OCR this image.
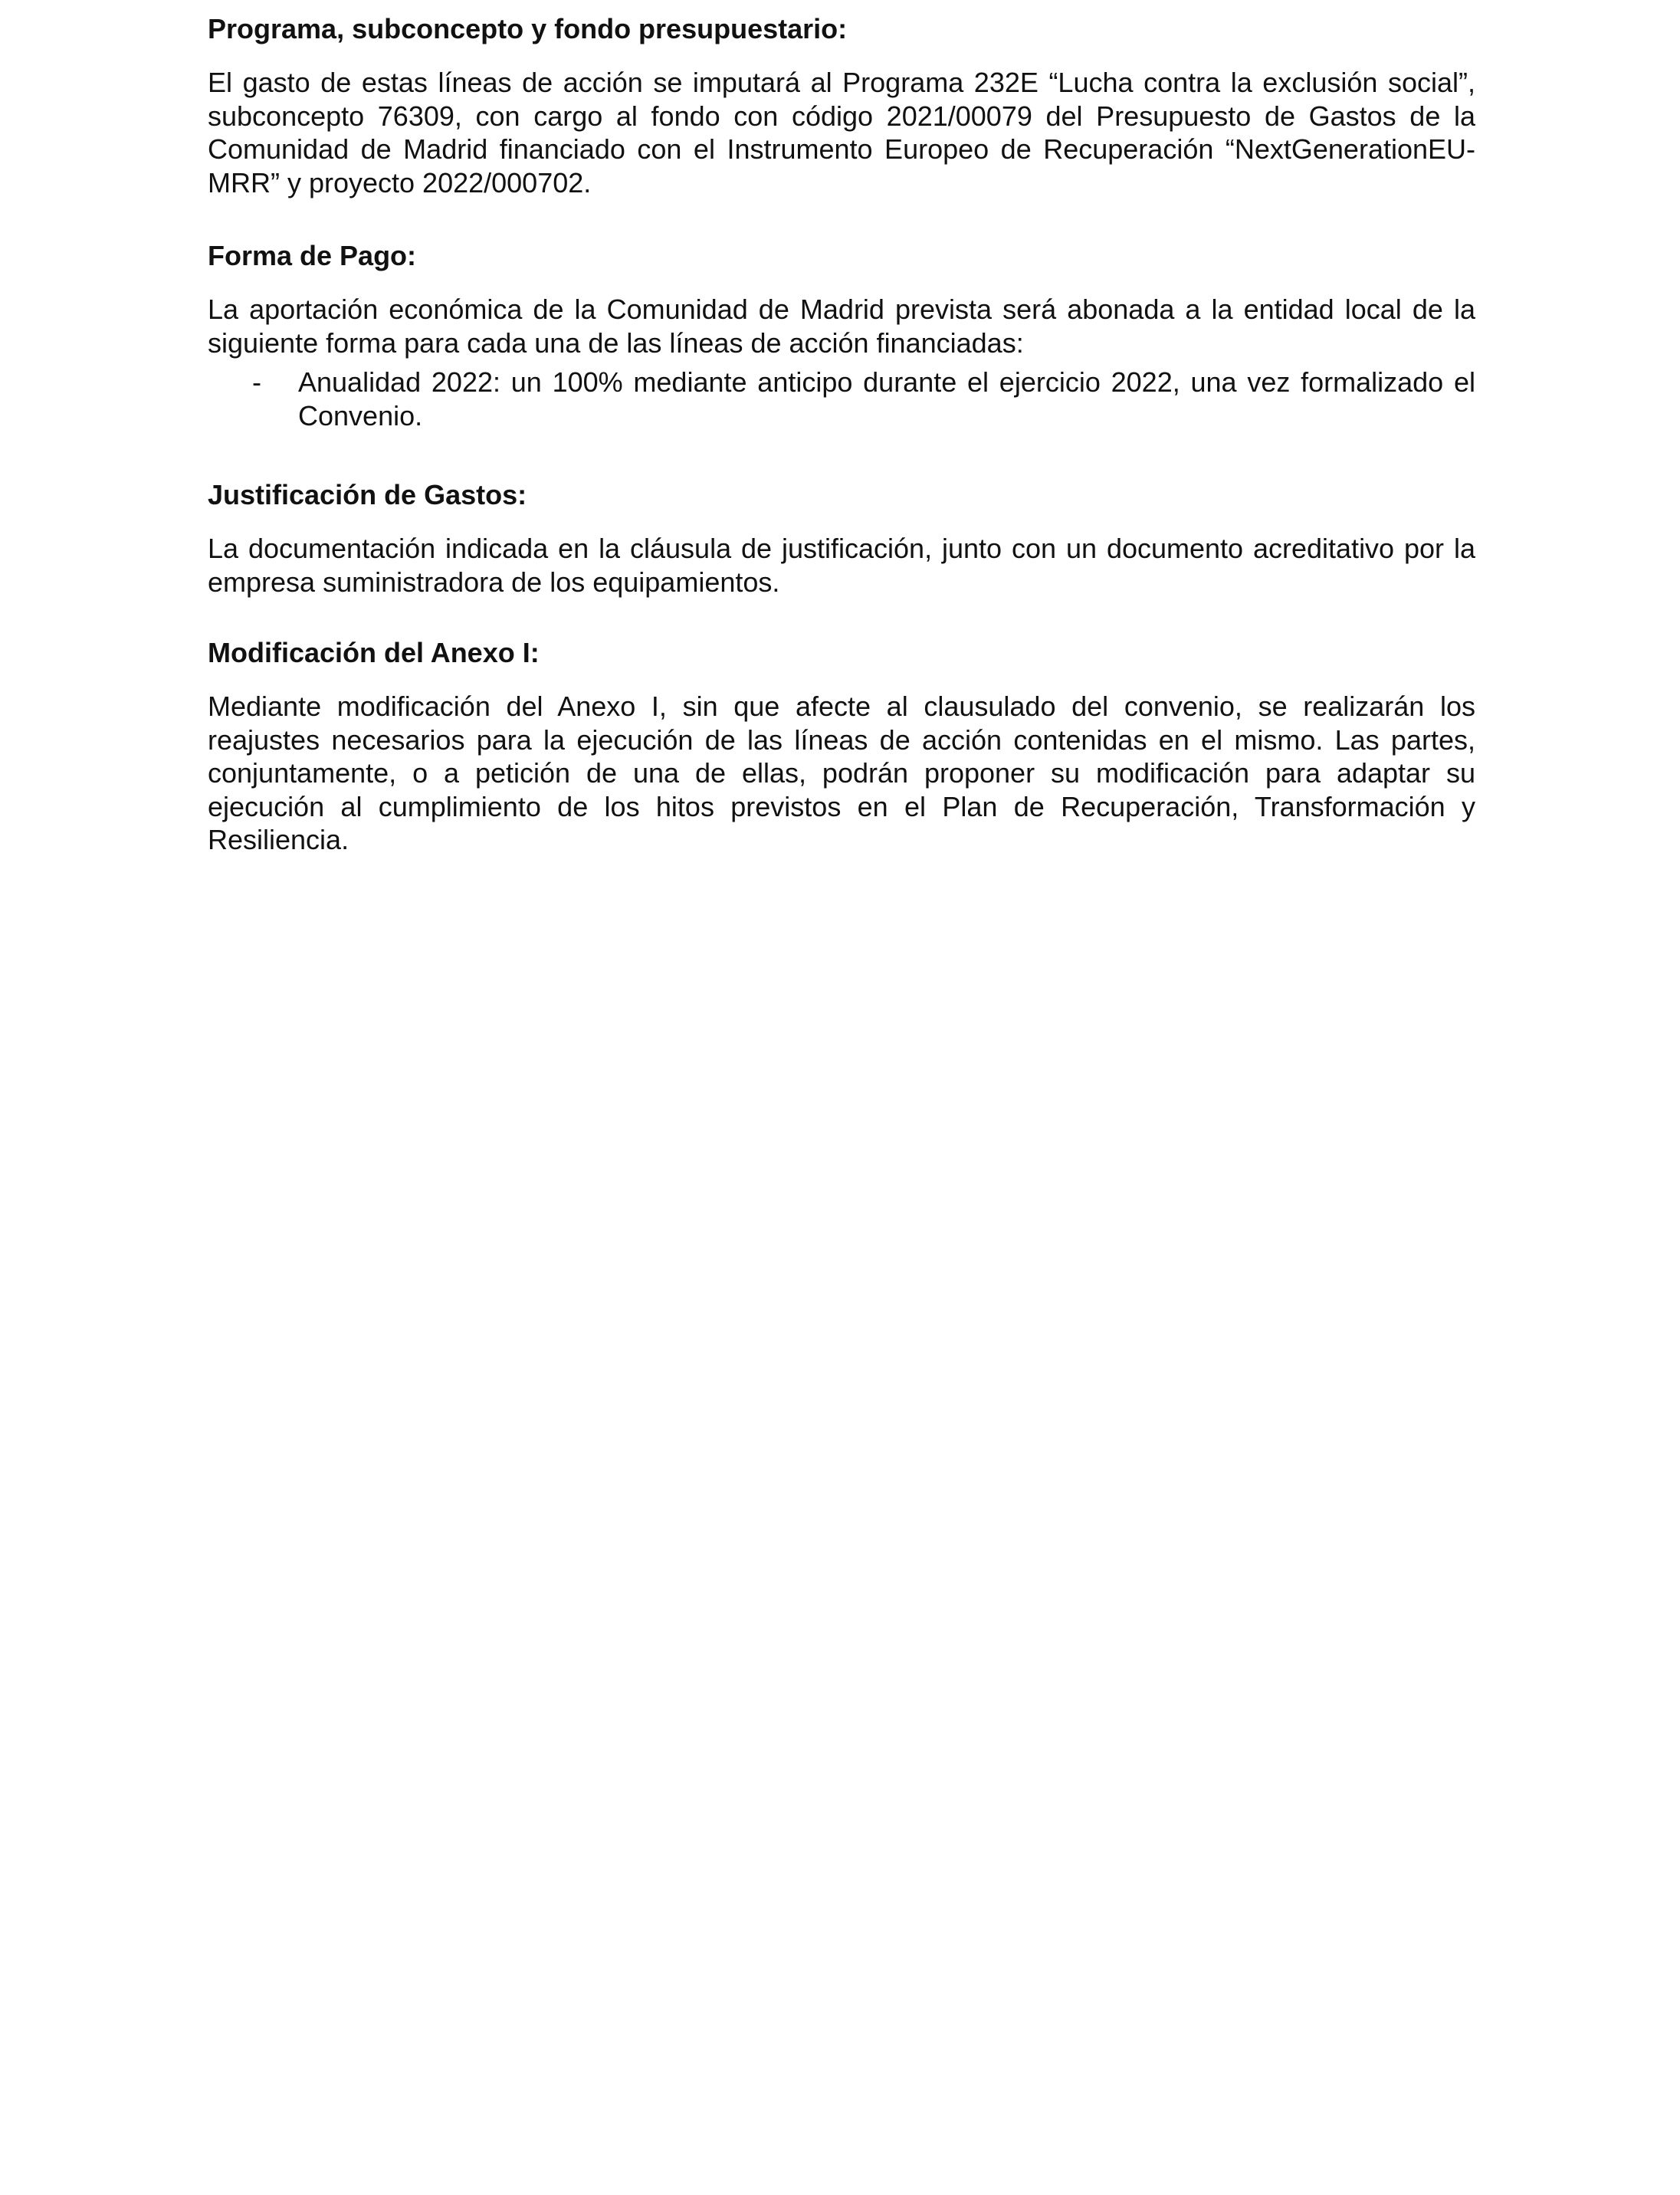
Programa, subconcepto y fondo presupuestario:

El gasto de estas líneas de acción se imputará al Programa 232E “Lucha contra la exclusión social”, subconcepto 76309, con cargo al fondo con código 2021/00079 del Presupuesto de Gastos de la Comunidad de Madrid financiado con el Instrumento Europeo de Recuperación “NextGenerationEU-MRR” y proyecto 2022/000702.

Forma de Pago:

La aportación económica de la Comunidad de Madrid prevista será abonada a la entidad local de la siguiente forma para cada una de las líneas de acción financiadas:

-	Anualidad 2022: un 100% mediante anticipo durante el ejercicio 2022, una vez formalizado el Convenio.

Justificación de Gastos:

La documentación indicada en la cláusula de justificación, junto con un documento acreditativo por la empresa suministradora de los equipamientos.

Modificación del Anexo I:

Mediante modificación del Anexo I, sin que afecte al clausulado del convenio, se realizarán los reajustes necesarios para la ejecución de las líneas de acción contenidas en el mismo. Las partes, conjuntamente, o a petición de una de ellas, podrán proponer su modificación para adaptar su ejecución al cumplimiento de los hitos previstos en el Plan de Recuperación, Transformación y Resiliencia.
